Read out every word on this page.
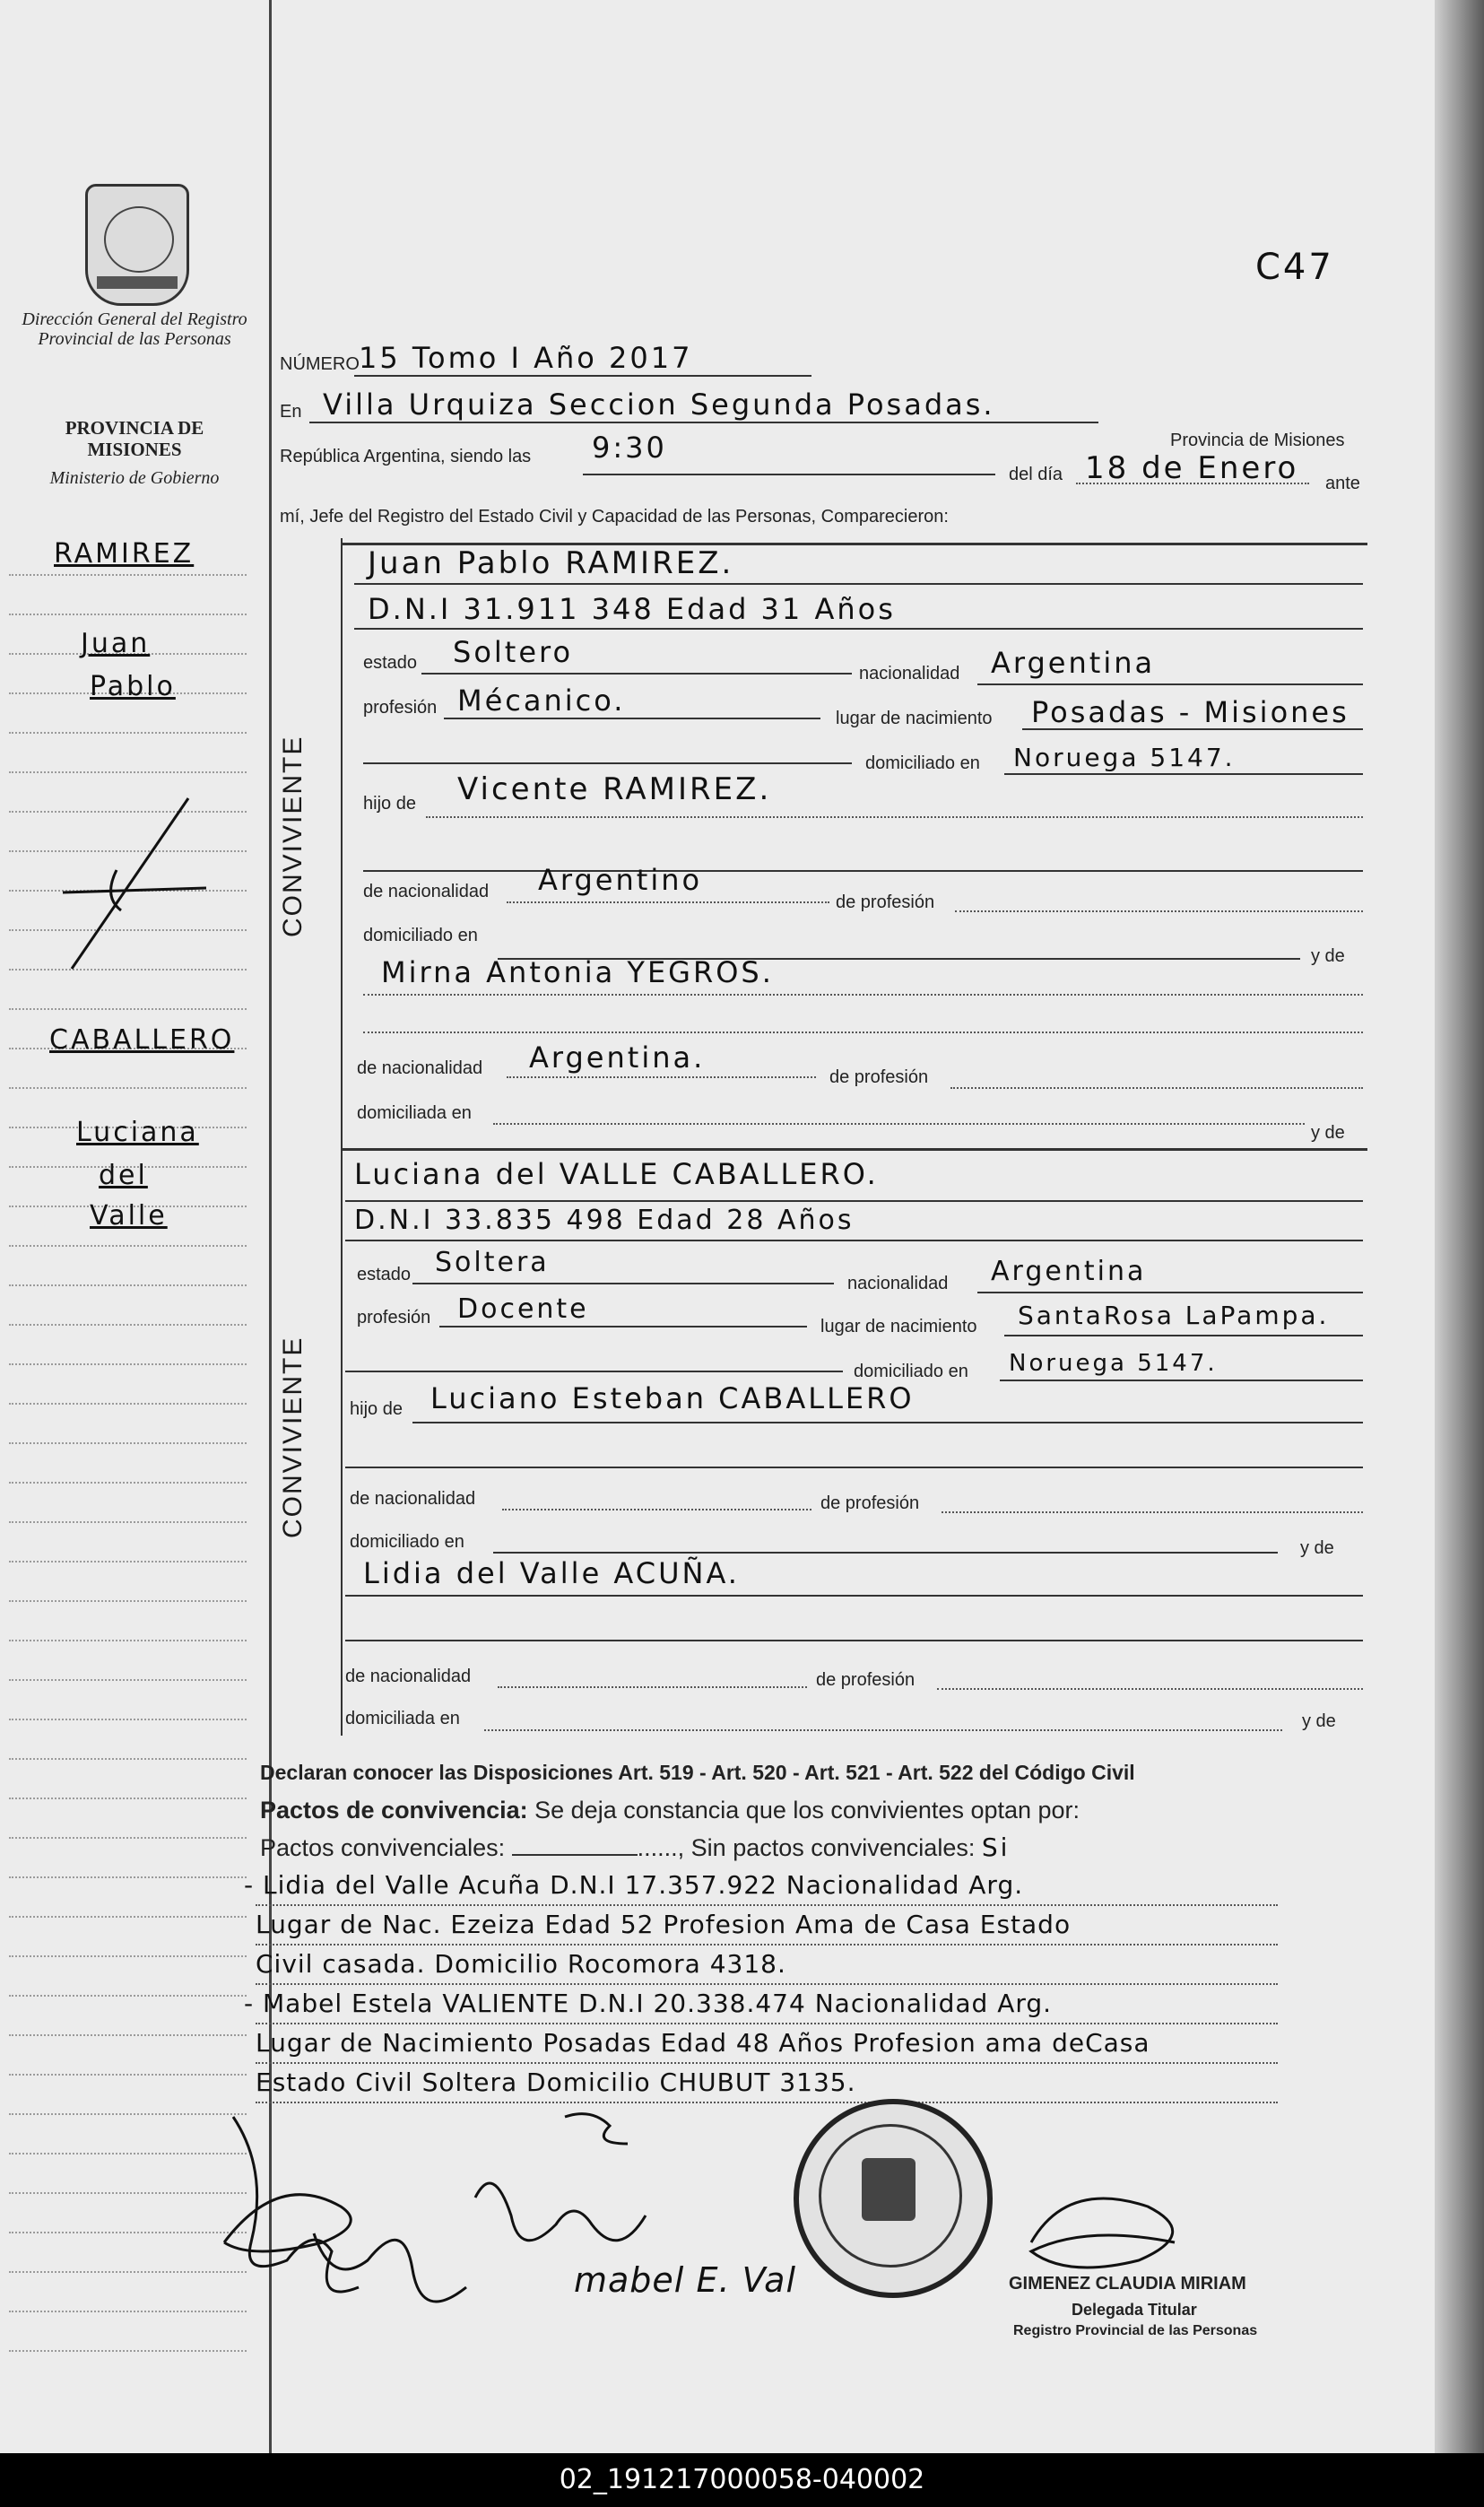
Dirección General del Registro Provincial de las Personas
PROVINCIA DE MISIONES
Ministerio de Gobierno
C47
RAMIREZ
Juan
Pablo
CABALLERO
Luciana
del
Valle
NÚMERO 15 Tomo I Año 2017
En Villa Urquiza Seccion Segunda Posadas.
Provincia de Misiones
República Argentina, siendo las 9:30
del día 18 de Enero ante
mí, Jefe del Registro del Estado Civil y Capacidad de las Personas, Comparecieron:
CONVIVIENTE
Juan Pablo RAMIREZ.
D.N.I 31.911 348 Edad 31 Años
estado Soltero
nacionalidad Argentina
profesión Mécanico.
lugar de nacimiento Posadas - Misiones
domiciliado en Noruega 5147.
hijo de Vicente RAMIREZ.
de nacionalidad Argentino
de profesión
domiciliado en
y de
Mirna Antonia YEGROS.
de nacionalidad Argentina.
de profesión
domiciliada en
y de
CONVIVIENTE
Luciana del VALLE CABALLERO.
D.N.I 33.835 498 Edad 28 Años
estado Soltera
nacionalidad Argentina
profesión Docente
lugar de nacimiento SantaRosa LaPampa.
domiciliado en Noruega 5147.
hijo de Luciano Esteban CABALLERO
de nacionalidad	de profesión
domiciliado en	y de
Lidia del Valle ACUÑA.
de nacionalidad	de profesión
domiciliada en	y de
Declaran conocer las Disposiciones Art. 519 - Art. 520 - Art. 521 - Art. 522 del Código Civil
Pactos de convivencia: Se deja constancia que los convivientes optan por:
Pactos convivenciales:	......, Sin pactos convivenciales: Si
- Lidia del Valle Acuña D.N.I 17.357.922 Nacionalidad Arg.
Lugar de Nac. Ezeiza Edad 52 Profesion Ama de Casa Estado
Civil casada. Domicilio Rocomora 4318.
- Mabel Estela VALIENTE D.N.I 20.338.474 Nacionalidad Arg.
Lugar de Nacimiento Posadas Edad 48 Años Profesion ama deCasa
Estado Civil Soltera Domicilio CHUBUT 3135.
mabel E. Val	GIMENEZ CLAUDIA MIRIAM
Delegada Titular
Registro Provincial de las Personas
02_191217000058-040002
